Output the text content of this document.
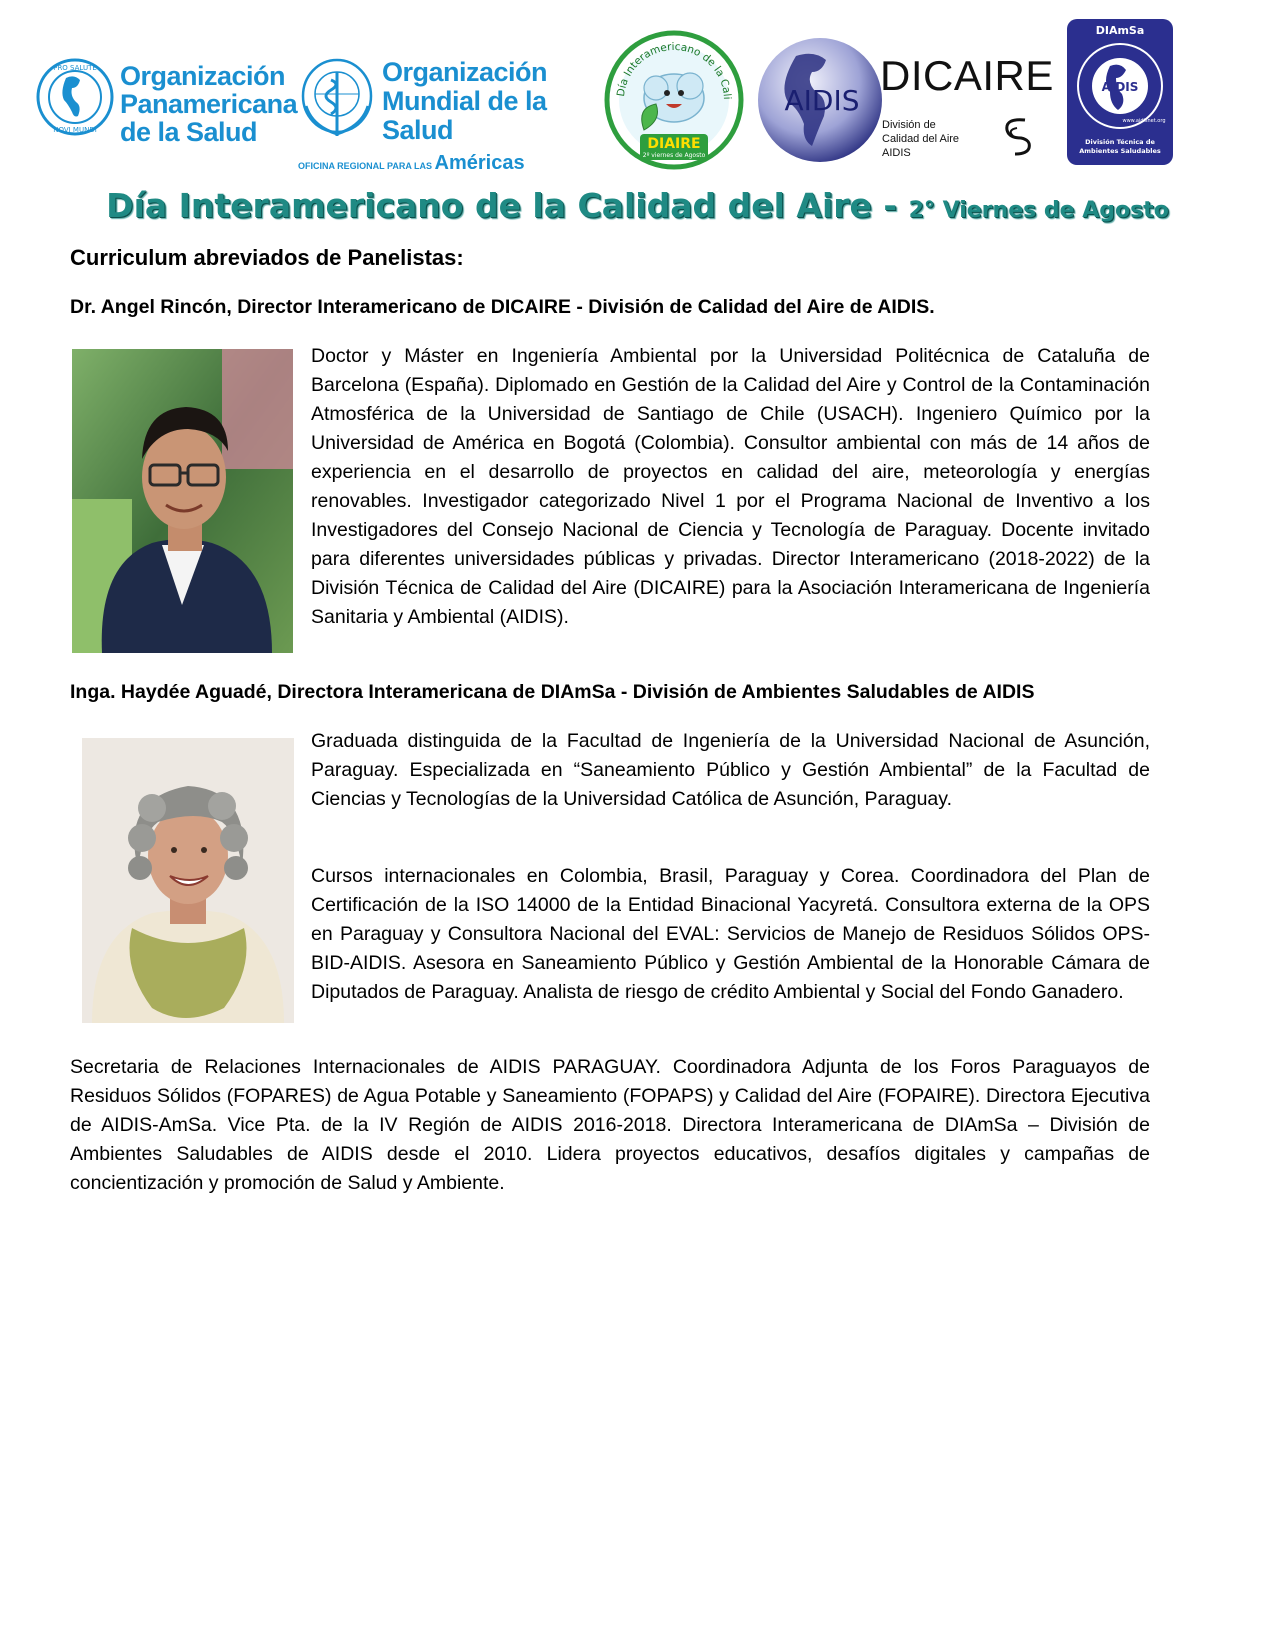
PRO SALUTE
NOVI MUNDI
Organización Panamericana de la Salud
Organización Mundial de la Salud
OFICINA REGIONAL PARA LAS Américas
Día Interamericano de la Cali
DIAIRE
2º viernes de Agosto
AIDIS
DICAIRE
División de
Calidad del Aire
AIDIS
DIAmSa
AIDIS
www.aidisnet.org
División Técnica de
Ambientes Saludables
Día Interamericano de la Calidad del Aire - 2° Viernes de Agosto
Curriculum abreviados de Panelistas:
Dr. Angel Rincón, Director Interamericano de DICAIRE - División de Calidad del Aire de AIDIS.

Doctor y Máster en Ingeniería Ambiental por la Universidad Politécnica de Cataluña de Barcelona (España). Diplomado en Gestión de la Calidad del Aire y Control de la Contaminación Atmosférica de la Universidad de Santiago de Chile (USACH). Ingeniero Químico por la Universidad de América en Bogotá (Colombia). Consultor ambiental con más de 14 años de experiencia en el desarrollo de proyectos en calidad del aire, meteorología y energías renovables. Investigador categorizado Nivel 1 por el Programa Nacional de Inventivo a los Investigadores del Consejo Nacional de Ciencia y Tecnología de Paraguay. Docente invitado para diferentes universidades públicas y privadas. Director Interamericano (2018-2022) de la División Técnica de Calidad del Aire (DICAIRE) para la Asociación Interamericana de Ingeniería Sanitaria y Ambiental (AIDIS).

Inga. Haydée Aguadé, Directora Interamericana de DIAmSa - División de Ambientes Saludables de AIDIS

Graduada distinguida de la Facultad de Ingeniería de la Universidad Nacional de Asunción, Paraguay. Especializada en “Saneamiento Público y Gestión Ambiental” de la Facultad de Ciencias y Tecnologías de la Universidad Católica de Asunción, Paraguay.

Cursos internacionales en Colombia, Brasil, Paraguay y Corea. Coordinadora del Plan de Certificación de la ISO 14000 de la Entidad Binacional Yacyretá. Consultora externa de la OPS en Paraguay y Consultora Nacional del EVAL: Servicios de Manejo de Residuos Sólidos OPS-BID-AIDIS. Asesora en Saneamiento Público y Gestión Ambiental de la Honorable Cámara de Diputados de Paraguay. Analista de riesgo de crédito Ambiental y Social del Fondo Ganadero.

Secretaria de Relaciones Internacionales de AIDIS PARAGUAY. Coordinadora Adjunta de los Foros Paraguayos de Residuos Sólidos (FOPARES) de Agua Potable y Saneamiento (FOPAPS) y Calidad del Aire (FOPAIRE). Directora Ejecutiva de AIDIS-AmSa. Vice Pta. de la IV Región de AIDIS 2016-2018. Directora Interamericana de DIAmSa – División de Ambientes Saludables de AIDIS desde el 2010. Lidera proyectos educativos, desafíos digitales y campañas de concientización y promoción de Salud y Ambiente.
